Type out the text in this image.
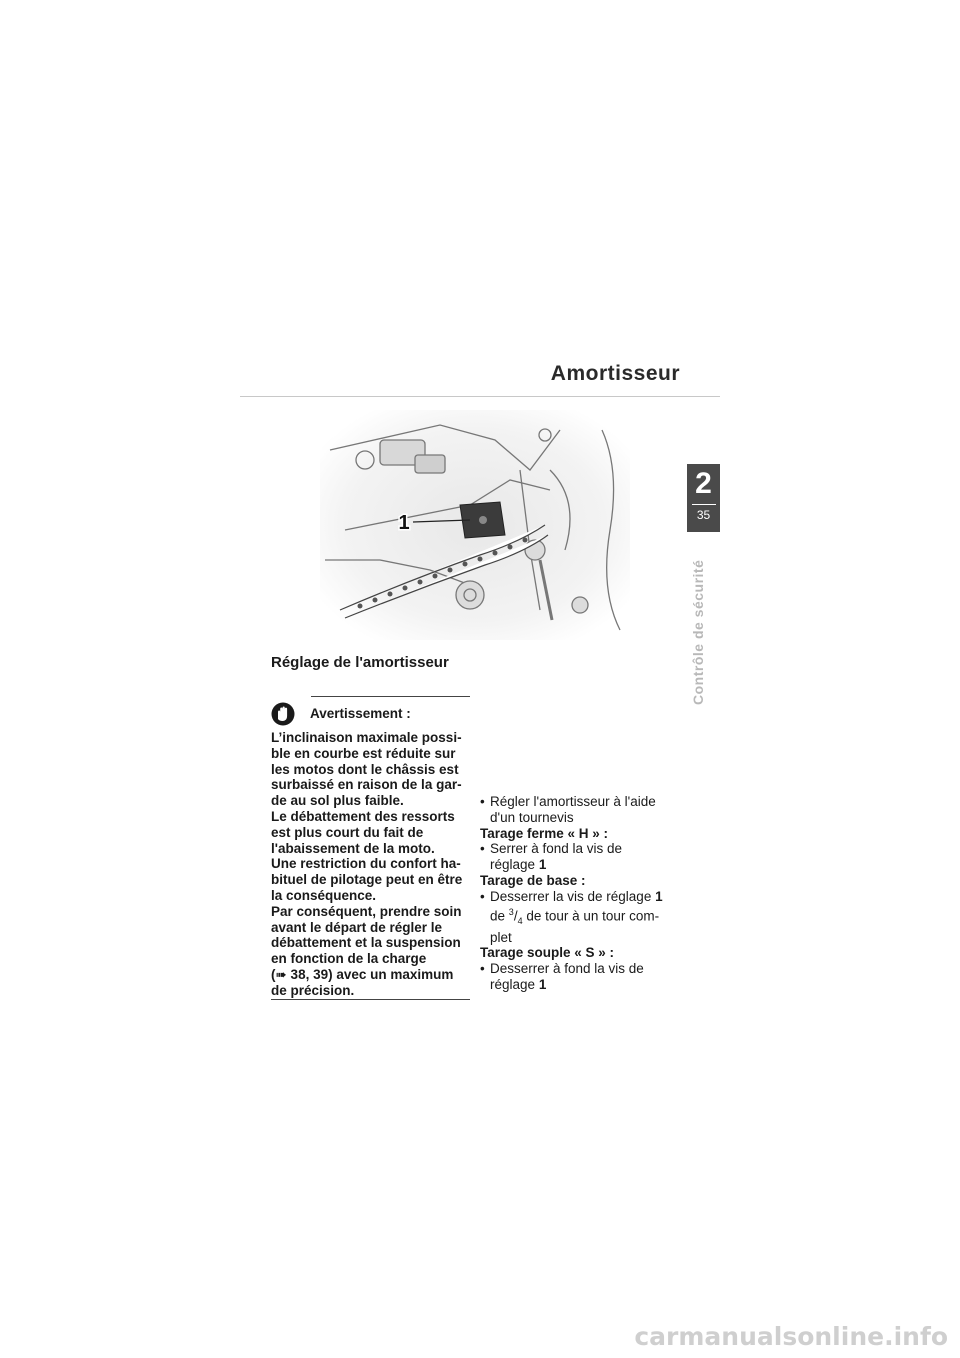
Amortisseur
2
35
Contrôle de sécurité
1
Réglage de l'amortisseur
Avertissement :

L’inclinaison maximale possi-
ble en courbe est réduite sur
les motos dont le châssis est
surbaissé en raison de la gar-
de au sol plus faible.
Le débattement des ressorts
est plus court du fait de
l'abaissement de la moto.
Une restriction du confort ha-
bituel de pilotage peut en être
la conséquence.
Par conséquent, prendre soin
avant le départ de régler le
débattement et la suspension
en fonction de la charge
(➠ 38, 39) avec un maximum
de précision.

• Régler l'amortisseur à l'aide
d'un tournevis
Tarage ferme « H » :
• Serrer à fond la vis de
réglage 1
Tarage de base :
• Desserrer la vis de réglage 1
de $^3/_4$ de tour à un tour com-
plet
Tarage souple « S » :
• Desserrer à fond la vis de
réglage 1
carmanualsonline.info
